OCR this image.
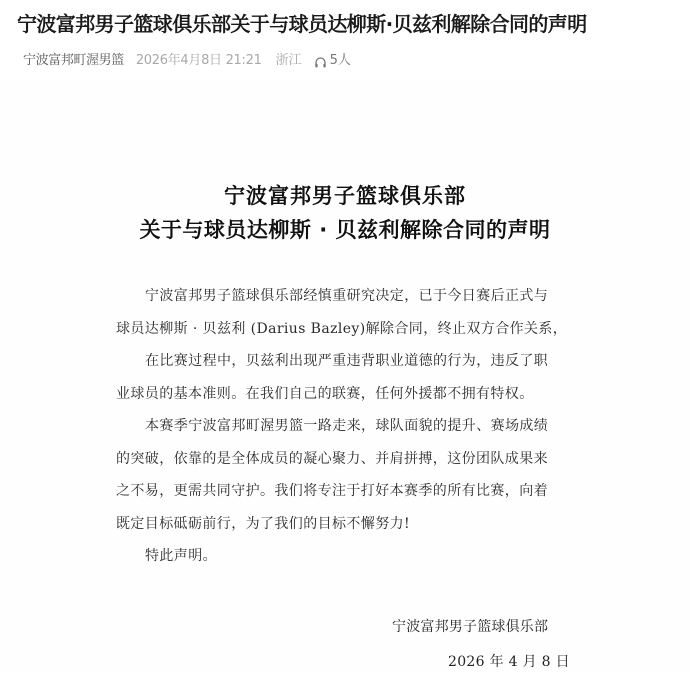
宁波富邦男子篮球俱乐部关于与球员达柳斯·贝兹利解除合同的声明
宁波富邦町渥男篮 2026年4月8日 21:21 浙江 5人
宁波富邦男子篮球俱乐部
关于与球员达柳斯 · 贝兹利解除合同的声明
宁波富邦男子篮球俱乐部经慎重研究决定，已于今日赛后正式与
球员达柳斯 · 贝兹利 (Darius Bazley)解除合同，终止双方合作关系，
在比赛过程中，贝兹利出现严重违背职业道德的行为，违反了职
业球员的基本准则。在我们自己的联赛，任何外援都不拥有特权。
本赛季宁波富邦町渥男篮一路走来，球队面貌的提升、赛场成绩
的突破，依靠的是全体成员的凝心聚力、并肩拼搏，这份团队成果来
之不易，更需共同守护。我们将专注于打好本赛季的所有比赛，向着
既定目标砥砺前行，为了我们的目标不懈努力!
特此声明。
宁波富邦男子篮球俱乐部
2026 年 4 月 8 日
